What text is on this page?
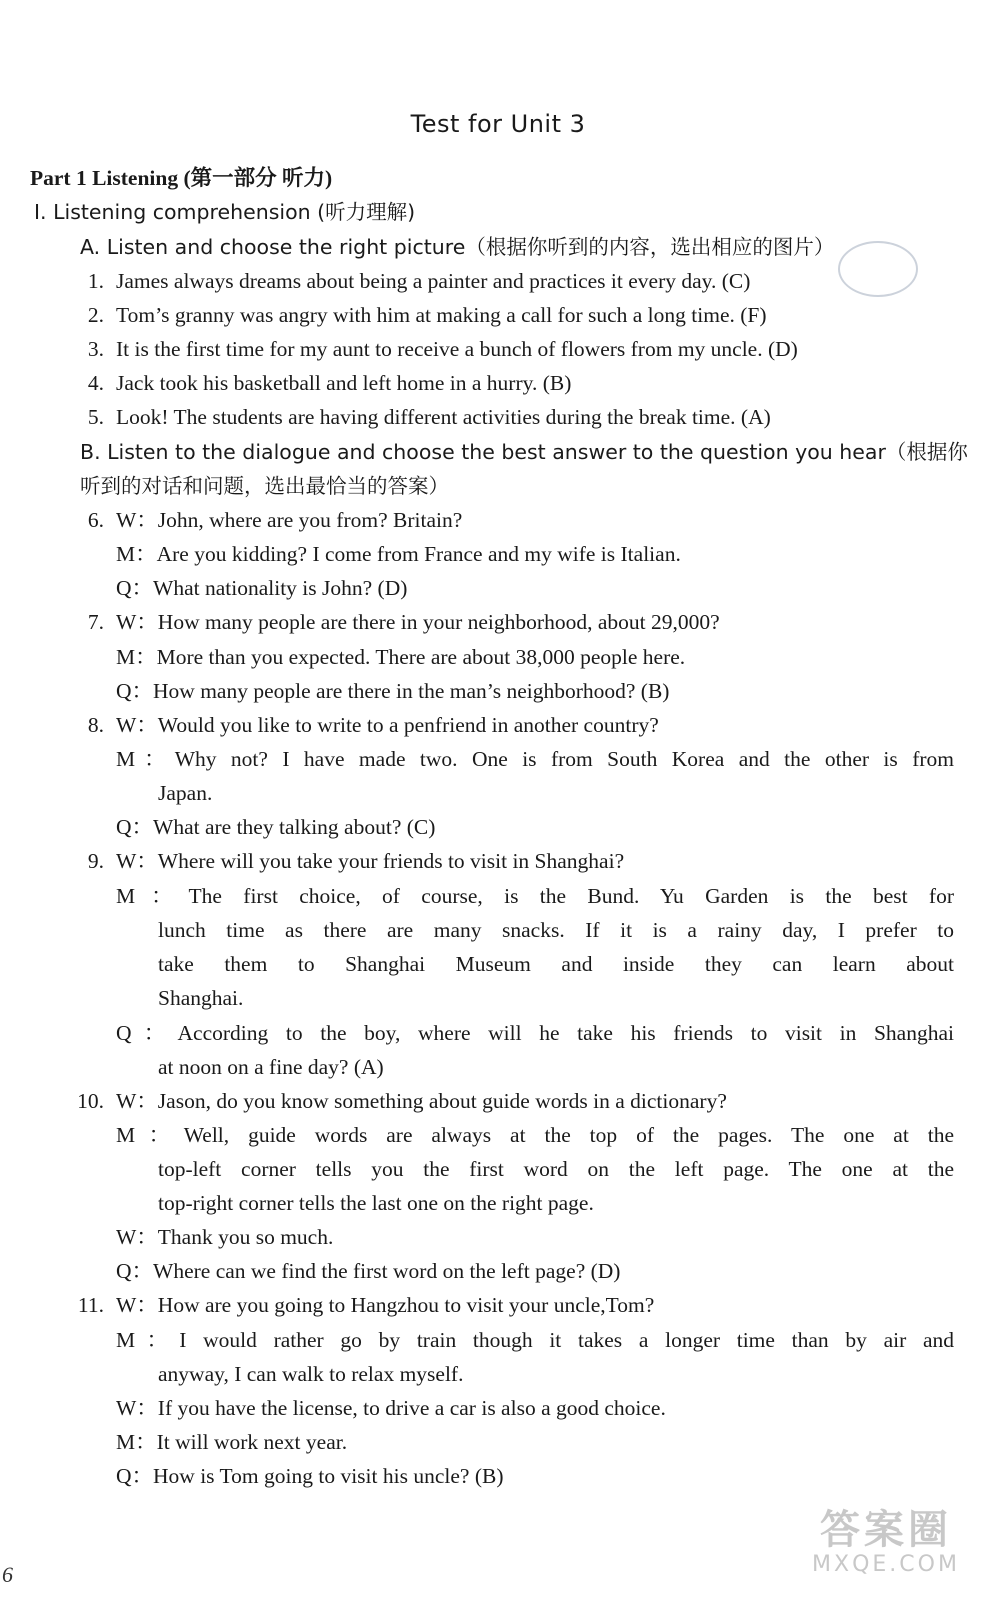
Test for Unit 3
Part 1 Listening (第一部分 听力)
I. Listening comprehension (听力理解)
A. Listen and choose the right picture（根据你听到的内容，选出相应的图片）
1. James always dreams about being a painter and practices it every day. (C)
2. Tom’s granny was angry with him at making a call for such a long time. (F)
3. It is the first time for my aunt to receive a bunch of flowers from my uncle. (D)
4. Jack took his basketball and left home in a hurry. (B)
5. Look! The students are having different activities during the break time. (A)
B. Listen to the dialogue and choose the best answer to the question you hear（根据你
听到的对话和问题，选出最恰当的答案）
6. W：John, where are you from? Britain?
M：Are you kidding? I come from France and my wife is Italian.
Q：What nationality is John? (D)
7. W：How many people are there in your neighborhood, about 29,000?
M：More than you expected. There are about 38,000 people here.
Q：How many people are there in the man’s neighborhood? (B)
8. W：Would you like to write to a penfriend in another country?
M：Why not? I have made two. One is from South Korea and the other is from
Japan.
Q：What are they talking about? (C)
9. W：Where will you take your friends to visit in Shanghai?
M：The first choice, of course, is the Bund. Yu Garden is the best for
lunch time as there are many snacks. If it is a rainy day, I prefer to
take them to Shanghai Museum and inside they can learn about
Shanghai.
Q：According to the boy, where will he take his friends to visit in Shanghai
at noon on a fine day? (A)
10. W：Jason, do you know something about guide words in a dictionary?
M：Well, guide words are always at the top of the pages. The one at the
top-left corner tells you the first word on the left page. The one at the
top-right corner tells the last one on the right page.
W：Thank you so much.
Q：Where can we find the first word on the left page? (D)
11. W：How are you going to Hangzhou to visit your uncle,Tom?
M：I would rather go by train though it takes a longer time than by air and
anyway, I can walk to relax myself.
W：If you have the license, to drive a car is also a good choice.
M：It will work next year.
Q：How is Tom going to visit his uncle? (B)
6
答案圈
MXQE.COM
